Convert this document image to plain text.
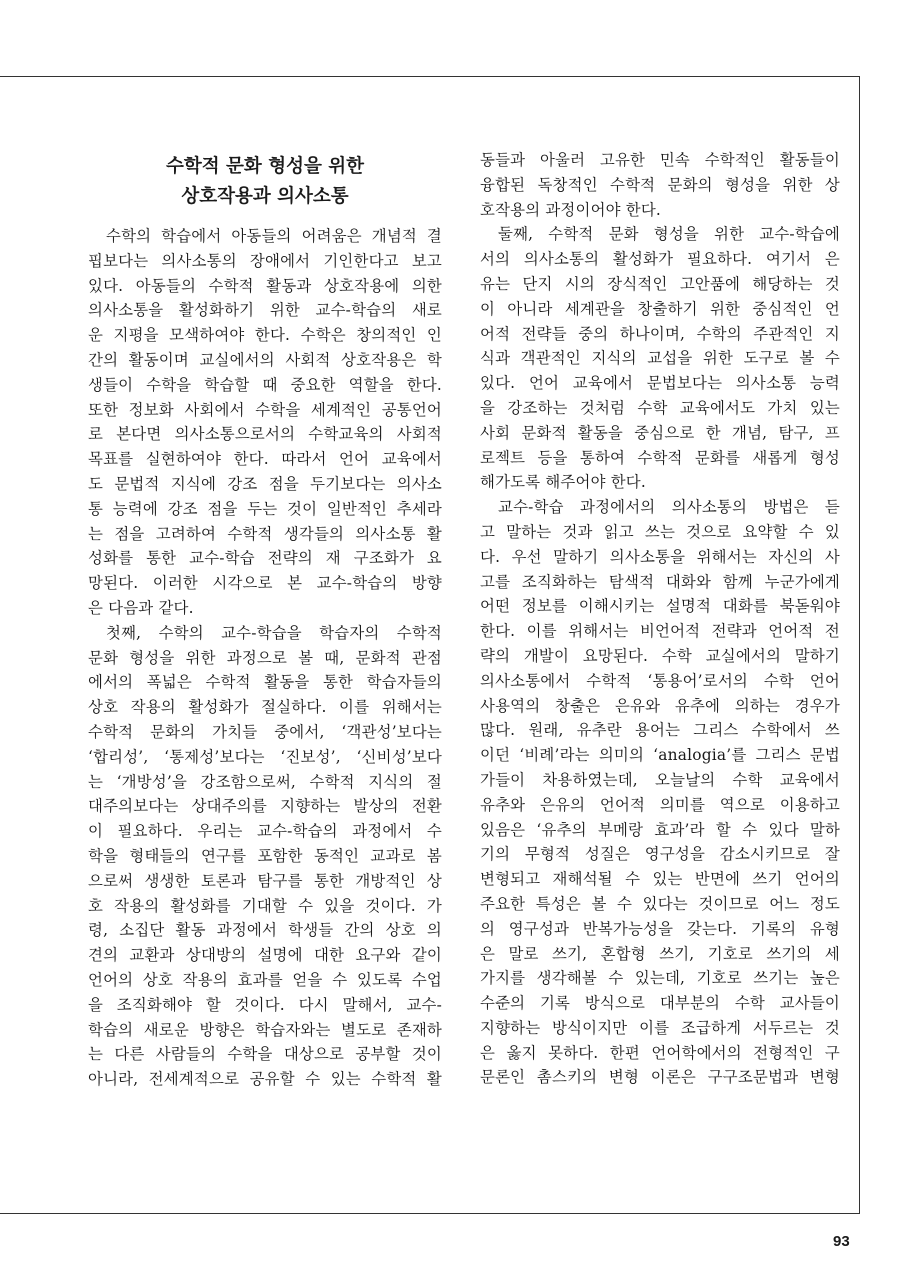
수학적 문화 형성을 위한
상호작용과 의사소통
수학의 학습에서 아동들의 어려움은 개념적 결
핍보다는 의사소통의 장애에서 기인한다고 보고
있다. 아동들의 수학적 활동과 상호작용에 의한
의사소통을 활성화하기 위한 교수-학습의 새로
운 지평을 모색하여야 한다. 수학은 창의적인 인
간의 활동이며 교실에서의 사회적 상호작용은 학
생들이 수학을 학습할 때 중요한 역할을 한다.
또한 정보화 사회에서 수학을 세계적인 공통언어
로 본다면 의사소통으로서의 수학교육의 사회적
목표를 실현하여야 한다. 따라서 언어 교육에서
도 문법적 지식에 강조 점을 두기보다는 의사소
통 능력에 강조 점을 두는 것이 일반적인 추세라
는 점을 고려하여 수학적 생각들의 의사소통 활
성화를 통한 교수-학습 전략의 재 구조화가 요
망된다. 이러한 시각으로 본 교수-학습의 방향
은 다음과 같다.
첫째, 수학의 교수-학습을 학습자의 수학적
문화 형성을 위한 과정으로 볼 때, 문화적 관점
에서의 폭넓은 수학적 활동을 통한 학습자들의
상호 작용의 활성화가 절실하다. 이를 위해서는
수학적 문화의 가치들 중에서, ‘객관성’보다는
‘합리성’, ‘통제성’보다는 ‘진보성’, ‘신비성’보다
는 ‘개방성’을 강조함으로써, 수학적 지식의 절
대주의보다는 상대주의를 지향하는 발상의 전환
이 필요하다. 우리는 교수-학습의 과정에서 수
학을 형태들의 연구를 포함한 동적인 교과로 봄
으로써 생생한 토론과 탐구를 통한 개방적인 상
호 작용의 활성화를 기대할 수 있을 것이다. 가
령, 소집단 활동 과정에서 학생들 간의 상호 의
견의 교환과 상대방의 설명에 대한 요구와 같이
언어의 상호 작용의 효과를 얻을 수 있도록 수업
을 조직화해야 할 것이다. 다시 말해서, 교수-
학습의 새로운 방향은 학습자와는 별도로 존재하
는 다른 사람들의 수학을 대상으로 공부할 것이
아니라, 전세계적으로 공유할 수 있는 수학적 활
동들과 아울러 고유한 민속 수학적인 활동들이
융합된 독창적인 수학적 문화의 형성을 위한 상
호작용의 과정이어야 한다.
둘째, 수학적 문화 형성을 위한 교수-학습에
서의 의사소통의 활성화가 필요하다. 여기서 은
유는 단지 시의 장식적인 고안품에 해당하는 것
이 아니라 세계관을 창출하기 위한 중심적인 언
어적 전략들 중의 하나이며, 수학의 주관적인 지
식과 객관적인 지식의 교섭을 위한 도구로 볼 수
있다. 언어 교육에서 문법보다는 의사소통 능력
을 강조하는 것처럼 수학 교육에서도 가치 있는
사회 문화적 활동을 중심으로 한 개념, 탐구, 프
로젝트 등을 통하여 수학적 문화를 새롭게 형성
해가도록 해주어야 한다.
교수-학습 과정에서의 의사소통의 방법은 듣
고 말하는 것과 읽고 쓰는 것으로 요약할 수 있
다. 우선 말하기 의사소통을 위해서는 자신의 사
고를 조직화하는 탐색적 대화와 함께 누군가에게
어떤 정보를 이해시키는 설명적 대화를 북돋워야
한다. 이를 위해서는 비언어적 전략과 언어적 전
략의 개발이 요망된다. 수학 교실에서의 말하기
의사소통에서 수학적 ‘통용어’로서의 수학 언어
사용역의 창출은 은유와 유추에 의하는 경우가
많다. 원래, 유추란 용어는 그리스 수학에서 쓰
이던 ‘비례’라는 의미의 ‘analogia’를 그리스 문법
가들이 차용하였는데, 오늘날의 수학 교육에서
유추와 은유의 언어적 의미를 역으로 이용하고
있음은 ‘유추의 부메랑 효과’라 할 수 있다 말하
기의 무형적 성질은 영구성을 감소시키므로 잘
변형되고 재해석될 수 있는 반면에 쓰기 언어의
주요한 특성은 볼 수 있다는 것이므로 어느 정도
의 영구성과 반복가능성을 갖는다. 기록의 유형
은 말로 쓰기, 혼합형 쓰기, 기호로 쓰기의 세
가지를 생각해볼 수 있는데, 기호로 쓰기는 높은
수준의 기록 방식으로 대부분의 수학 교사들이
지향하는 방식이지만 이를 조급하게 서두르는 것
은 옳지 못하다. 한편 언어학에서의 전형적인 구
문론인 촘스키의 변형 이론은 구구조문법과 변형
93
